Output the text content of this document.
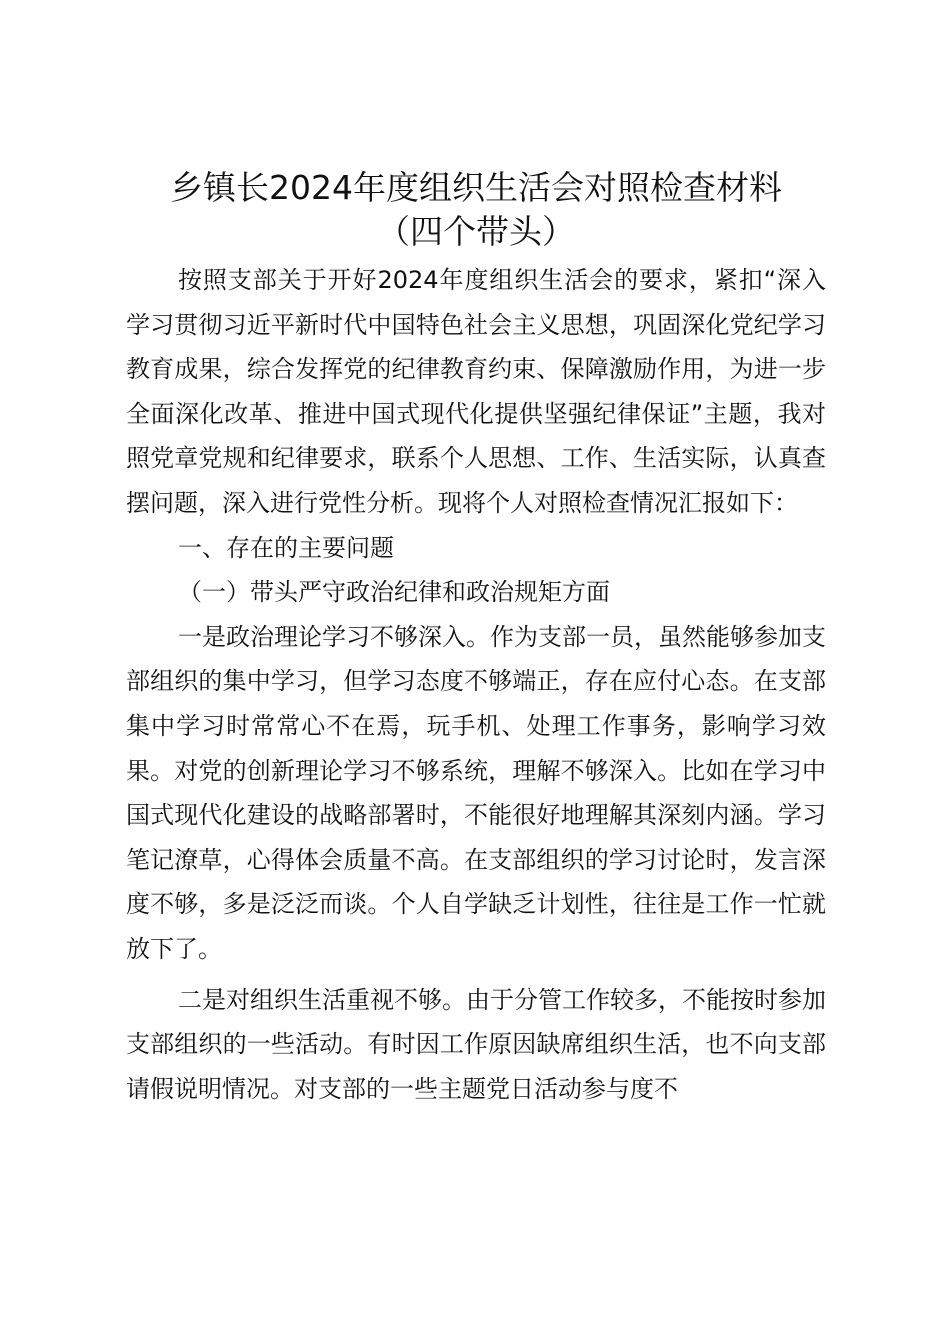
乡镇长2024年度组织生活会对照检查材料
（四个带头）

按照支部关于开好2024年度组织生活会的要求，紧扣“深入学习贯彻习近平新时代中国特色社会主义思想，巩固深化党纪学习教育成果，综合发挥党的纪律教育约束、保障激励作用，为进一步全面深化改革、推进中国式现代化提供坚强纪律保证”主题，我对照党章党规和纪律要求，联系个人思想、工作、生活实际，认真查摆问题，深入进行党性分析。现将个人对照检查情况汇报如下：

一、存在的主要问题

（一）带头严守政治纪律和政治规矩方面

一是政治理论学习不够深入。作为支部一员，虽然能够参加支部组织的集中学习，但学习态度不够端正，存在应付心态。在支部集中学习时常常心不在焉，玩手机、处理工作事务，影响学习效果。对党的创新理论学习不够系统，理解不够深入。比如在学习中国式现代化建设的战略部署时，不能很好地理解其深刻内涵。学习笔记潦草，心得体会质量不高。在支部组织的学习讨论时，发言深度不够，多是泛泛而谈。个人自学缺乏计划性，往往是工作一忙就放下了。

二是对组织生活重视不够。由于分管工作较多，不能按时参加支部组织的一些活动。有时因工作原因缺席组织生活，也不向支部请假说明情况。对支部的一些主题党日活动参与度不
